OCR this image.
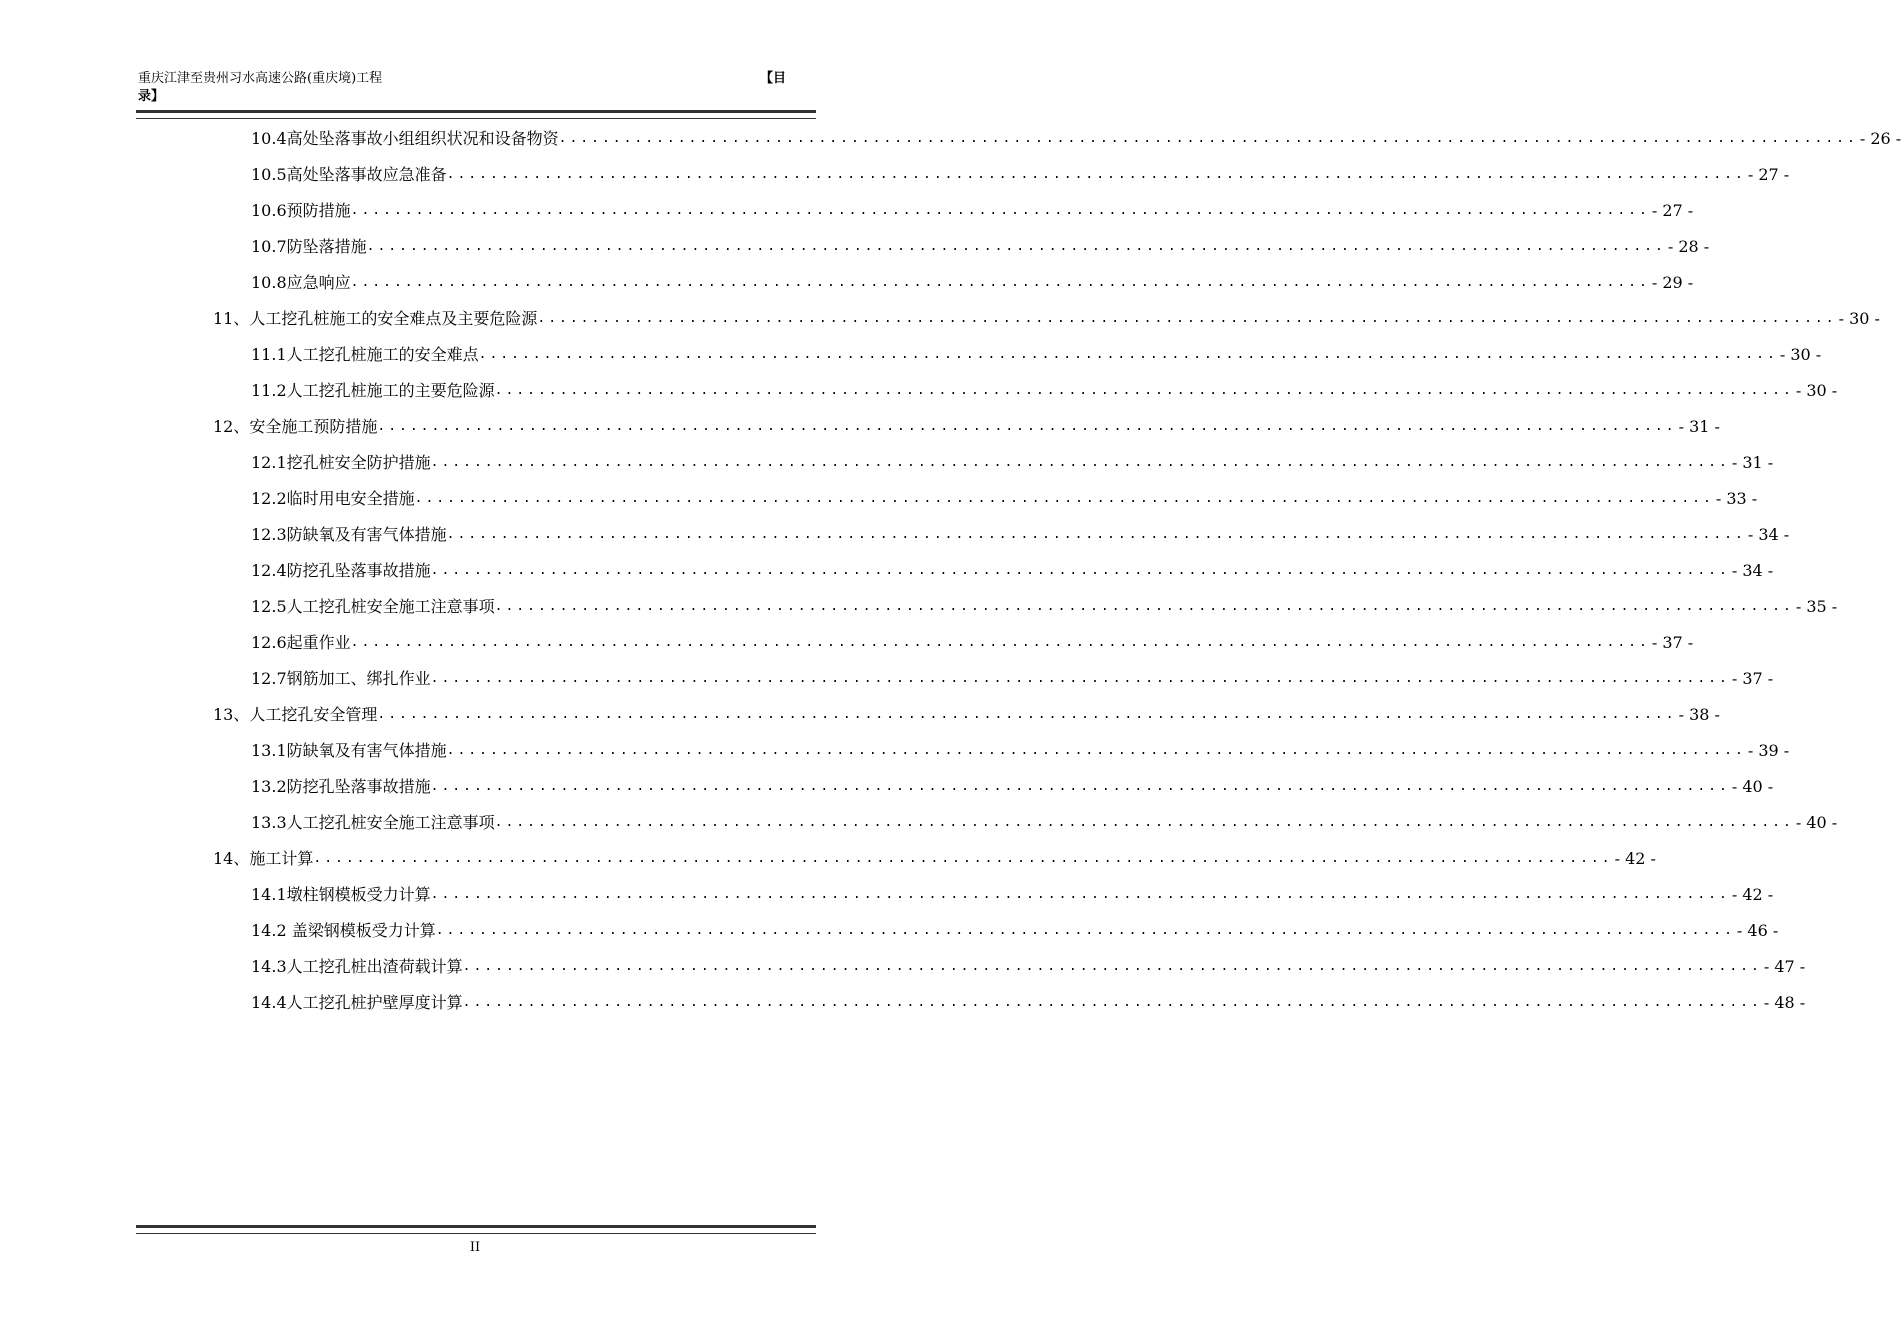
重庆江津至贵州习水高速公路(重庆境)工程	【目
录】
10.4高处坠落事故小组组织状况和设备物资 ........................................................................................................................ - 26 -
10.5高处坠落事故应急准备 ........................................................................................................................ - 27 -
10.6预防措施 ........................................................................................................................ - 27 -
10.7防坠落措施 ........................................................................................................................ - 28 -
10.8应急响应 ........................................................................................................................ - 29 -
11、人工挖孔桩施工的安全难点及主要危险源 ........................................................................................................................ - 30 -
11.1人工挖孔桩施工的安全难点 ........................................................................................................................ - 30 -
11.2人工挖孔桩施工的主要危险源 ........................................................................................................................ - 30 -
12、安全施工预防措施 ........................................................................................................................ - 31 -
12.1挖孔桩安全防护措施 ........................................................................................................................ - 31 -
12.2临时用电安全措施 ........................................................................................................................ - 33 -
12.3防缺氧及有害气体措施 ........................................................................................................................ - 34 -
12.4防挖孔坠落事故措施 ........................................................................................................................ - 34 -
12.5人工挖孔桩安全施工注意事项 ........................................................................................................................ - 35 -
12.6起重作业 ........................................................................................................................ - 37 -
12.7钢筋加工、绑扎作业 ........................................................................................................................ - 37 -
13、人工挖孔安全管理 ........................................................................................................................ - 38 -
13.1防缺氧及有害气体措施 ........................................................................................................................ - 39 -
13.2防挖孔坠落事故措施 ........................................................................................................................ - 40 -
13.3人工挖孔桩安全施工注意事项 ........................................................................................................................ - 40 -
14、施工计算 ........................................................................................................................ - 42 -
14.1墩柱钢模板受力计算 ........................................................................................................................ - 42 -
14.2 盖梁钢模板受力计算 ........................................................................................................................ - 46 -
14.3人工挖孔桩出渣荷载计算 ........................................................................................................................ - 47 -
14.4人工挖孔桩护壁厚度计算 ........................................................................................................................ - 48 -
II
